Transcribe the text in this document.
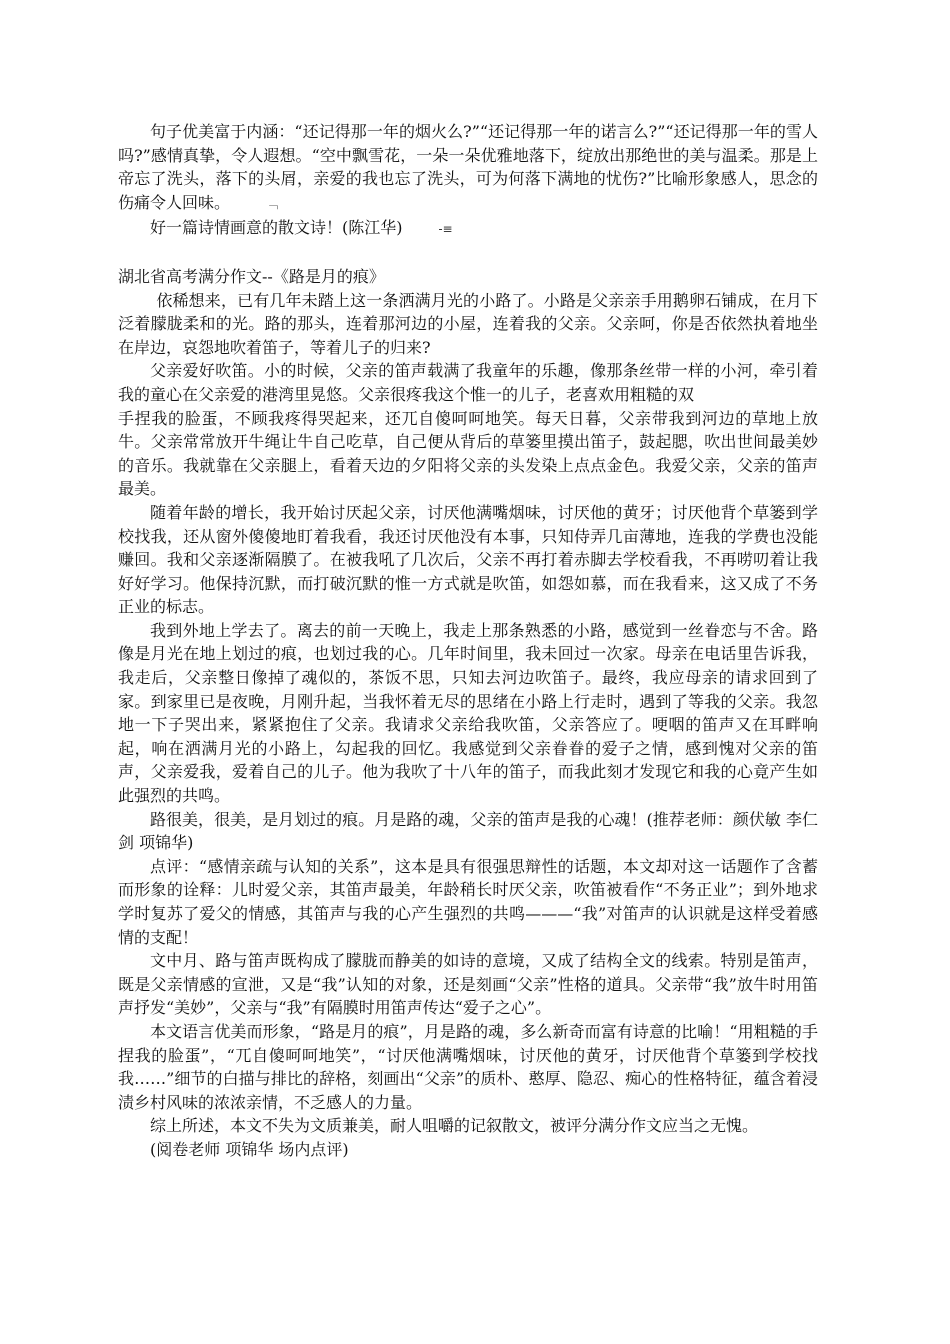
句子优美富于内涵：“还记得那一年的烟火么?”“还记得那一年的诺言么?”“还记得那一年的雪人吗?”感情真挚，令人遐想。“空中飘雪花，一朵一朵优雅地落下，绽放出那绝世的美与温柔。那是上帝忘了洗头，落下的头屑，亲爱的我也忘了洗头，可为何落下满地的忧伤?”比喻形象感人，思念的伤痛令人回味。	﹁

好一篇诗情画意的散文诗！(陈江华)	-≡

湖北省高考满分作文--《路是月的痕》

依稀想来，已有几年未踏上这一条洒满月光的小路了。小路是父亲亲手用鹅卵石铺成，在月下泛着朦胧柔和的光。路的那头，连着那河边的小屋，连着我的父亲。父亲呵，你是否依然执着地坐在岸边，哀怨地吹着笛子，等着儿子的归来?

父亲爱好吹笛。小的时候，父亲的笛声载满了我童年的乐趣，像那条丝带一样的小河，牵引着我的童心在父亲爱的港湾里晃悠。父亲很疼我这个惟一的儿子，老喜欢用粗糙的双

手捏我的脸蛋，不顾我疼得哭起来，还兀自傻呵呵地笑。每天日暮，父亲带我到河边的草地上放牛。父亲常常放开牛绳让牛自己吃草，自己便从背后的草篓里摸出笛子，鼓起腮，吹出世间最美妙的音乐。我就靠在父亲腿上，看着天边的夕阳将父亲的头发染上点点金色。我爱父亲，父亲的笛声最美。

随着年龄的增长，我开始讨厌起父亲，讨厌他满嘴烟味，讨厌他的黄牙；讨厌他背个草篓到学校找我，还从窗外傻傻地盯着我看，我还讨厌他没有本事，只知侍弄几亩薄地，连我的学费也没能赚回。我和父亲逐渐隔膜了。在被我吼了几次后，父亲不再打着赤脚去学校看我，不再唠叨着让我好好学习。他保持沉默，而打破沉默的惟一方式就是吹笛，如怨如慕，而在我看来，这又成了不务正业的标志。

我到外地上学去了。离去的前一天晚上，我走上那条熟悉的小路，感觉到一丝眷恋与不舍。路像是月光在地上划过的痕，也划过我的心。几年时间里，我未回过一次家。母亲在电话里告诉我，我走后，父亲整日像掉了魂似的，茶饭不思，只知去河边吹笛子。最终，我应母亲的请求回到了家。到家里已是夜晚，月刚升起，当我怀着无尽的思绪在小路上行走时，遇到了等我的父亲。我忽地一下子哭出来，紧紧抱住了父亲。我请求父亲给我吹笛，父亲答应了。哽咽的笛声又在耳畔响起，响在洒满月光的小路上，勾起我的回忆。我感觉到父亲眷眷的爱子之情，感到愧对父亲的笛声，父亲爱我，爱着自己的儿子。他为我吹了十八年的笛子，而我此刻才发现它和我的心竟产生如此强烈的共鸣。

路很美，很美，是月划过的痕。月是路的魂，父亲的笛声是我的心魂！(推荐老师：颜伏敏 李仁剑 项锦华)

点评：“感情亲疏与认知的关系”，这本是具有很强思辩性的话题，本文却对这一话题作了含蓄而形象的诠释：儿时爱父亲，其笛声最美，年龄稍长时厌父亲，吹笛被看作“不务正业”；到外地求学时复苏了爱父的情感，其笛声与我的心产生强烈的共鸣———“我”对笛声的认识就是这样受着感情的支配！

文中月、路与笛声既构成了朦胧而静美的如诗的意境，又成了结构全文的线索。特别是笛声，既是父亲情感的宣泄，又是“我”认知的对象，还是刻画“父亲”性格的道具。父亲带“我”放牛时用笛声抒发“美妙”，父亲与“我”有隔膜时用笛声传达“爱子之心”。

本文语言优美而形象，“路是月的痕”，月是路的魂，多么新奇而富有诗意的比喻！“用粗糙的手捏我的脸蛋”，“兀自傻呵呵地笑”，“讨厌他满嘴烟味，讨厌他的黄牙，讨厌他背个草篓到学校找我……”细节的白描与排比的辞格，刻画出“父亲”的质朴、憨厚、隐忍、痴心的性格特征，蕴含着浸渍乡村风味的浓浓亲情，不乏感人的力量。

综上所述，本文不失为文质兼美，耐人咀嚼的记叙散文，被评分满分作文应当之无愧。

(阅卷老师 项锦华 场内点评)
